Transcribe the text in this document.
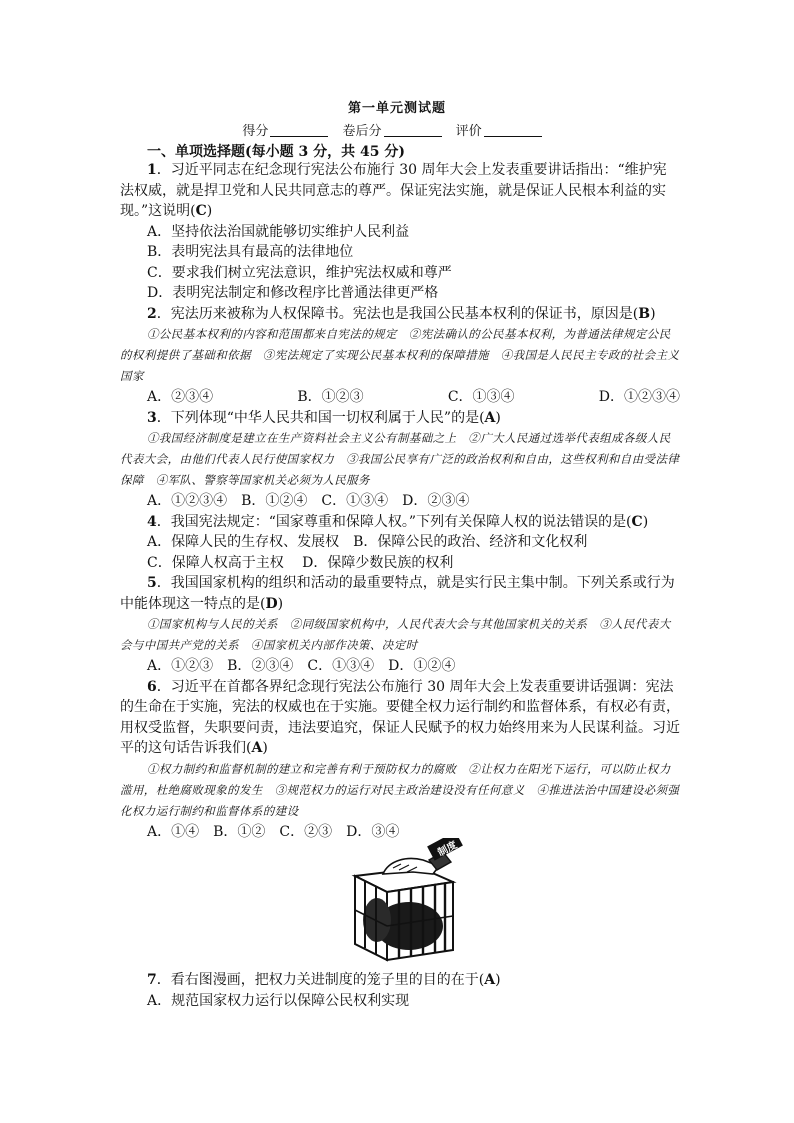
第一单元测试题
得分	卷后分	评价
一、单项选择题(每小题 3 分，共 45 分)

1．习近平同志在纪念现行宪法公布施行 30 周年大会上发表重要讲话指出：“维护宪法权威，就是捍卫党和人民共同意志的尊严。保证宪法实施，就是保证人民根本利益的实现。”这说明(C)

A．坚持依法治国就能够切实维护人民利益

B．表明宪法具有最高的法律地位

C．要求我们树立宪法意识，维护宪法权威和尊严

D．表明宪法制定和修改程序比普通法律更严格

2．宪法历来被称为人权保障书。宪法也是我国公民基本权利的保证书，原因是(B)

①公民基本权利的内容和范围都来自宪法的规定　②宪法确认的公民基本权利，为普通法律规定公民的权利提供了基础和依据　③宪法规定了实现公民基本权利的保障措施　④我国是人民民主专政的社会主义国家

A．②③④	B．①②③	C．①③④	D．①②③④

3．下列体现“中华人民共和国一切权利属于人民”的是(A)

①我国经济制度是建立在生产资料社会主义公有制基础之上　②广大人民通过选举代表组成各级人民代表大会，由他们代表人民行使国家权力　③我国公民享有广泛的政治权利和自由，这些权利和自由受法律保障　④军队、警察等国家机关必须为人民服务

A．①②③④　B．①②④　C．①③④　D．②③④

4．我国宪法规定：“国家尊重和保障人权。”下列有关保障人权的说法错误的是(C)

A．保障人民的生存权、发展权　B．保障公民的政治、经济和文化权利

C．保障人权高于主权　 D．保障少数民族的权利

5．我国国家机构的组织和活动的最重要特点，就是实行民主集中制。下列关系或行为中能体现这一特点的是(D)

①国家机构与人民的关系　②同级国家机构中，人民代表大会与其他国家机关的关系　③人民代表大会与中国共产党的关系　④国家机关内部作决策、决定时

A．①②③　B．②③④　C．①③④　D．①②④

6．习近平在首都各界纪念现行宪法公布施行 30 周年大会上发表重要讲话强调：宪法的生命在于实施，宪法的权威也在于实施。要健全权力运行制约和监督体系，有权必有责，用权受监督，失职要问责，违法要追究，保证人民赋予的权力始终用来为人民谋利益。习近平的这句话告诉我们(A)

①权力制约和监督机制的建立和完善有利于预防权力的腐败　②让权力在阳光下运行，可以防止权力滥用，杜绝腐败现象的发生　③规范权力的运行对民主政治建设没有任何意义　④推进法治中国建设必须强化权力运行制约和监督体系的建设

A．①④　B．①②　C．②③　D．③④

制度

7．看右图漫画，把权力关进制度的笼子里的目的在于(A)

A．规范国家权力运行以保障公民权利实现
